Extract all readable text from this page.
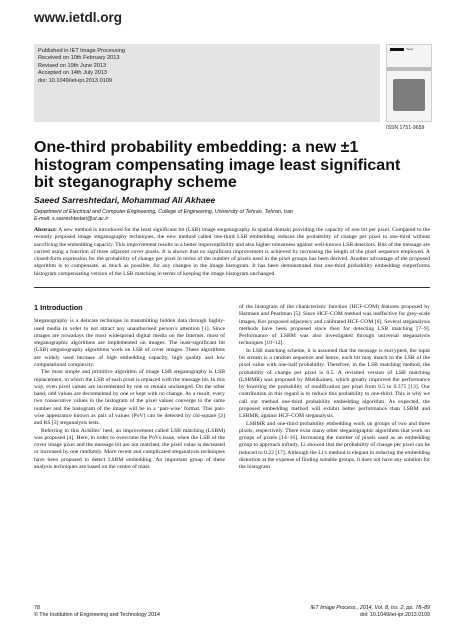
www.ietdl.org
Published in IET Image Processing
Received on 10th February 2013
Revised on 19th June 2013
Accepted on 14th July 2013
doi: 10.1049/iet-ipr.2013.0109
theiet
ISSN 1751-9659
One-third probability embedding: a new ±1
histogram compensating image least significant
bit steganography scheme
Saeed Sarreshtedari, Mohammad Ali Akhaee
Department of Electrical and Computer Engineering, College of Engineering, University of Tehran, Tehran, Iran
E-mail: s.sarreshtedari@ut.ac.ir
Abstract: A new method is introduced for the least significant bit (LSB) image steganography in spatial domain providing the capacity of one bit per pixel. Compared to the recently proposed image steganography techniques, the new method called one-third LSB embedding reduces the probability of change per pixel to one-third without sacrificing the embedding capacity. This improvement results in a better imperceptibility and also higher robustness against well-known LSB detectors. Bits of the message are carried using a function of three adjacent cover pixels. It is shown that no significant improvement is achieved by increasing the length of the pixel sequence employed. A closed-form expression for the probability of change per pixel in terms of the number of pixels used in the pixel groups has been derived. Another advantage of the proposed algorithm is to compensate, as much as possible, for any changes in the image histogram. It has been demonstrated that one-third probability embedding outperforms histogram compensating version of the LSB matching in terms of keeping the image histogram unchanged.

1 Introduction

Steganography is a delicate technique in transmitting hidden data through highly-used media in order to not attract any unauthorised person’s attention [1]. Since images are nowadays the most widespread digital media on the Internet, most of steganographic algorithms are implemented on images. The least-significant bit (LSB) steganography algorithms work on LSB of cover images. These algorithms are widely used because of high embedding capacity, high quality and low computational complexity.

The most simple and primitive algorithm of image LSB steganography is LSB replacement, in which the LSB of each pixel is replaced with the message bit. In this way, even pixel values are incremented by one or remain unchanged. On the other hand, odd values are decremented by one or kept with no change. As a result, every two consecutive values in the histogram of the pixel values converge to the same number and the histogram of the image will be in a ‘pair-wise’ format. This pair-wise appearance known as pair of values (PoV) can be detected by chi-square [2] and RS [3] steganalysis tests.

Referring to this Achilles’ heel, an improvement called LSB matching (LSBM) was proposed [4]. Here, in order to overcome the PoVs issue, when the LSB of the cover image pixel and the message bit are not matched, the pixel value is decreased or increased by one randomly. More recent and complicated steganalysis techniques have been proposed to detect LSBM embedding. An important group of these analysis techniques are based on the centre of mass

of the histogram of the characteristic function (HCF-COM) features proposed by Harmsen and Pearlman [5]. Since HCF-COM method was ineffective for grey-scale images, Ker proposed adjacency and calibrated HCF-COM [6]. Several steganalysis methods have been proposed since then for detecting LSB matching [7–9]. Performance of LSBM was also investigated through universal steganalysis techniques [10–12].

In LSB matching scheme, it is assumed that the message is encrypted, the input bit stream is a random sequence and hence, each bit may match to the LSB of the pixel value with one-half probability. Therefore, in the LSB matching method, the probability of change per pixel is 0.5. A revisited version of LSB matching (LSBMR) was proposed by Mielikainen, which greatly improved the performance by lowering the probability of modification per pixel from 0.5 to 0.375 [13]. Our contribution in this regard is to reduce this probability to one-third. This is why we call our method one-third probability embedding algorithm. As expected, the proposed embedding method will exhibit better performance than LSBM and LSBMR, against HCF-COM steganalysis.

LSBMR and one-third probability embedding work on groups of two and three pixels, respectively. There exist many other steganographic algorithms that work on groups of pixels [14–16]. Increasing the number of pixels used as an embedding group to approach infinity, Li showed that the probability of change per pixel can be reduced to 0.22 [17]. Although the Li’s method is elegant in reducing the embedding distortion at the expense of finding suitable groups, it does not have any solution for the histogram

78
© The Institution of Engineering and Technology 2014
IET Image Process., 2014, Vol. 8, Iss. 2, pp. 78–89
doi: 10.1049/iet-ipr.2013.0109
